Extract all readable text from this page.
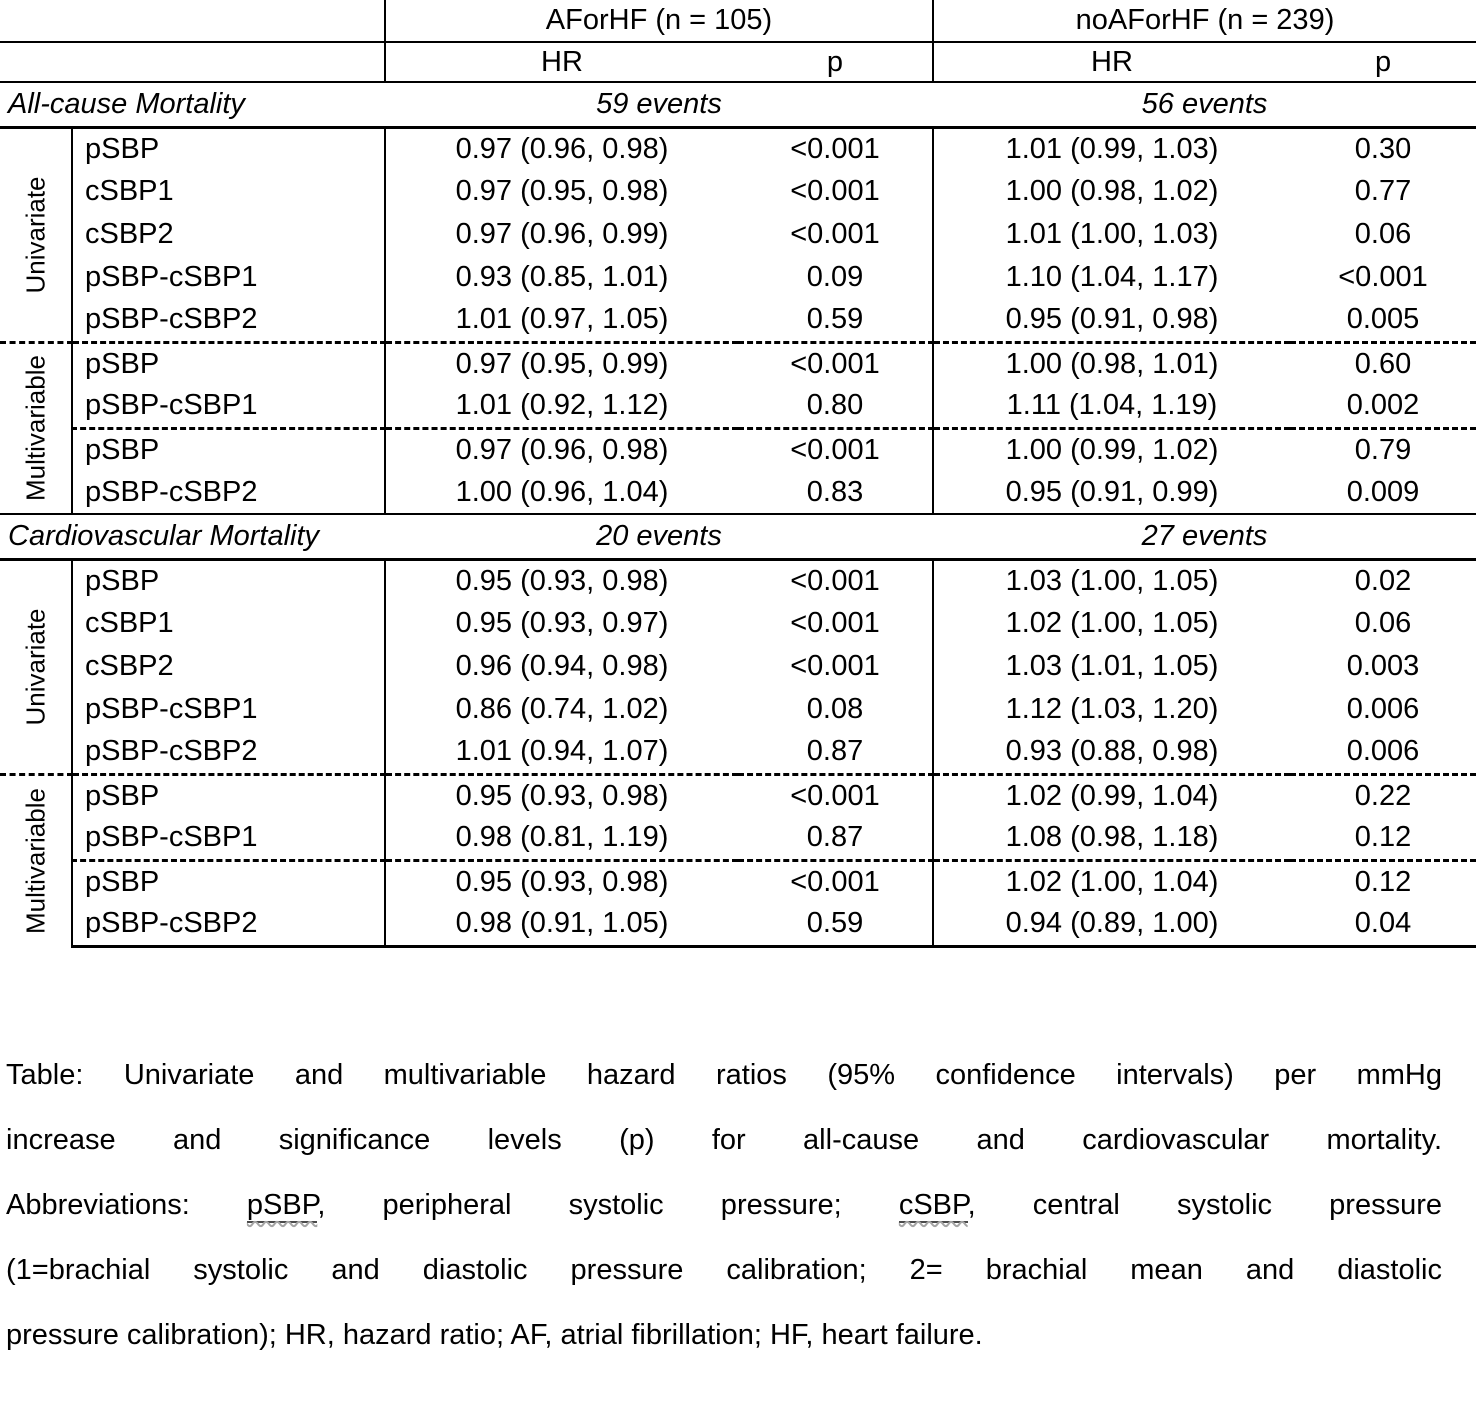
		AForHF (n = 105)		noAForHF (n = 239)	
		HR	p	HR	p
All-cause Mortality		59 events		56 events	

Univariate	pSBP	0.97 (0.96, 0.98)	<0.001	1.01 (0.99, 1.03)	0.30
	cSBP1	0.97 (0.95, 0.98)	<0.001	1.00 (0.98, 1.02)	0.77
	cSBP2	0.97 (0.96, 0.99)	<0.001	1.01 (1.00, 1.03)	0.06
	pSBP-cSBP1	0.93 (0.85, 1.01)	0.09	1.10 (1.04, 1.17)	<0.001
	pSBP-cSBP2	1.01 (0.97, 1.05)	0.59	0.95 (0.91, 0.98)	0.005

Multivariable	pSBP	0.97 (0.95, 0.99)	<0.001	1.00 (0.98, 1.01)	0.60
	pSBP-cSBP1	1.01 (0.92, 1.12)	0.80	1.11 (1.04, 1.19)	0.002
	pSBP	0.97 (0.96, 0.98)	<0.001	1.00 (0.99, 1.02)	0.79
	pSBP-cSBP2	1.00 (0.96, 1.04)	0.83	0.95 (0.91, 0.99)	0.009
Cardiovascular Mortality		20 events		27 events	

Univariate	pSBP	0.95 (0.93, 0.98)	<0.001	1.03 (1.00, 1.05)	0.02
	cSBP1	0.95 (0.93, 0.97)	<0.001	1.02 (1.00, 1.05)	0.06
	cSBP2	0.96 (0.94, 0.98)	<0.001	1.03 (1.01, 1.05)	0.003
	pSBP-cSBP1	0.86 (0.74, 1.02)	0.08	1.12 (1.03, 1.20)	0.006
	pSBP-cSBP2	1.01 (0.94, 1.07)	0.87	0.93 (0.88, 0.98)	0.006

Multivariable	pSBP	0.95 (0.93, 0.98)	<0.001	1.02 (0.99, 1.04)	0.22
	pSBP-cSBP1	0.98 (0.81, 1.19)	0.87	1.08 (0.98, 1.18)	0.12
	pSBP	0.95 (0.93, 0.98)	<0.001	1.02 (1.00, 1.04)	0.12
	pSBP-cSBP2	0.98 (0.91, 1.05)	0.59	0.94 (0.89, 1.00)	0.04
Table: Univariate and multivariable hazard ratios (95% confidence intervals) per mmHg
increase and significance levels (p) for all-cause and cardiovascular mortality.
Abbreviations: pSBP, peripheral systolic pressure; cSBP, central systolic pressure
(1=brachial systolic and diastolic pressure calibration; 2= brachial mean and diastolic
pressure calibration); HR, hazard ratio; AF, atrial fibrillation; HF, heart failure.
